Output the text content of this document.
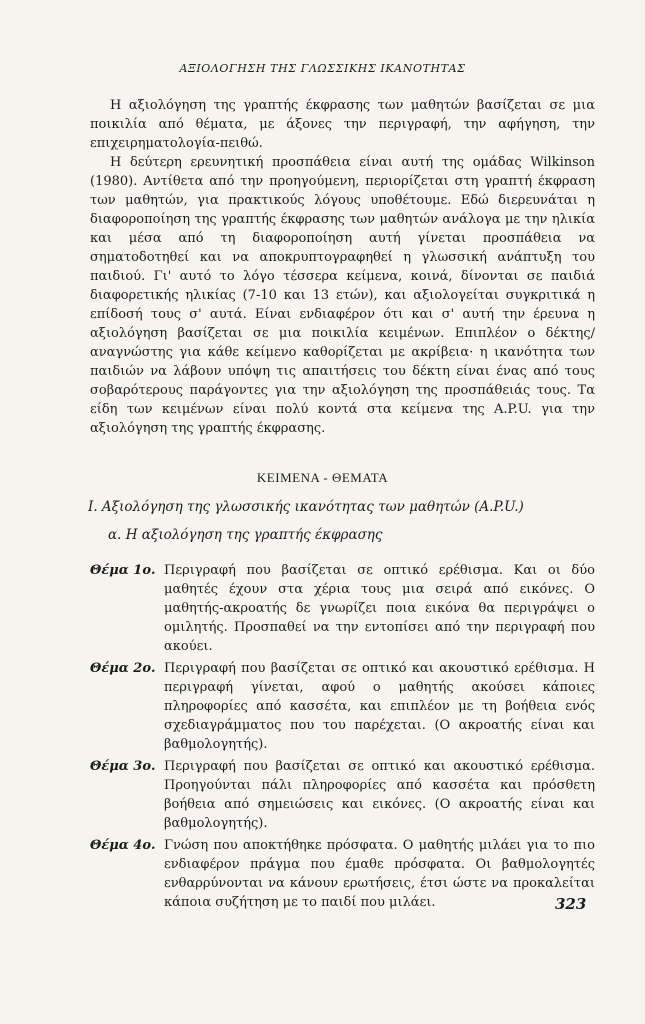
ΑΞΙΟΛΟΓΗΣΗ ΤΗΣ ΓΛΩΣΣΙΚΗΣ ΙΚΑΝΟΤΗΤΑΣ

Η αξιολόγηση της γραπτής έκφρασης των μαθητών βασίζεται σε μια ποικιλία από θέματα, με άξονες την περιγραφή, την αφήγηση, την επιχειρηματολογία-πειθώ.

Η δεύτερη ερευνητική προσπάθεια είναι αυτή της ομάδας Wilkinson (1980). Αντίθετα από την προηγούμενη, περιορίζεται στη γραπτή έκφραση των μαθητών, για πρακτικούς λόγους υποθέτουμε. Εδώ διερευνάται η διαφοροποίηση της γραπτής έκφρασης των μαθητών ανάλογα με την ηλικία και μέσα από τη διαφοροποίηση αυτή γίνεται προσπάθεια να σηματοδοτηθεί και να αποκρυπτογραφηθεί η γλωσσική ανάπτυξη του παιδιού. Γι' αυτό το λόγο τέσσερα κείμενα, κοινά, δίνονται σε παιδιά διαφορετικής ηλικίας (7-10 και 13 ετών), και αξιολογείται συγκριτικά η επίδοσή τους σ' αυτά. Είναι ενδιαφέρον ότι και σ' αυτή την έρευνα η αξιολόγηση βασίζεται σε μια ποικιλία κειμένων. Επιπλέον ο δέκτης/αναγνώστης για κάθε κείμενο καθορίζεται με ακρίβεια· η ικανότητα των παιδιών να λάβουν υπόψη τις απαιτήσεις του δέκτη είναι ένας από τους σοβαρότερους παράγοντες για την αξιολόγηση της προσπάθειάς τους. Τα είδη των κειμένων είναι πολύ κοντά στα κείμενα της A.P.U. για την αξιολόγηση της γραπτής έκφρασης.

ΚΕΙΜΕΝΑ - ΘΕΜΑΤΑ
I. Αξιολόγηση της γλωσσικής ικανότητας των μαθητών (A.P.U.)
α. Η αξιολόγηση της γραπτής έκφρασης
Θέμα 1ο. Περιγραφή που βασίζεται σε οπτικό ερέθισμα. Και οι δύο μαθητές έχουν στα χέρια τους μια σειρά από εικόνες. Ο μαθητής-ακροατής δε γνωρίζει ποια εικόνα θα περιγράψει ο ομιλητής. Προσπαθεί να την εντοπίσει από την περιγραφή που ακούει.
Θέμα 2ο. Περιγραφή που βασίζεται σε οπτικό και ακουστικό ερέθισμα. Η περιγραφή γίνεται, αφού ο μαθητής ακούσει κάποιες πληροφορίες από κασσέτα, και επιπλέον με τη βοήθεια ενός σχεδιαγράμματος που του παρέχεται. (Ο ακροατής είναι και βαθμολογητής).
Θέμα 3ο. Περιγραφή που βασίζεται σε οπτικό και ακουστικό ερέθισμα. Προηγούνται πάλι πληροφορίες από κασσέτα και πρόσθετη βοήθεια από σημειώσεις και εικόνες. (Ο ακροατής είναι και βαθμολογητής).
Θέμα 4ο. Γνώση που αποκτήθηκε πρόσφατα. Ο μαθητής μιλάει για το πιο ενδιαφέρον πράγμα που έμαθε πρόσφατα. Οι βαθμολογητές ενθαρρύνονται να κάνουν ερωτήσεις, έτσι ώστε να προκαλείται κάποια συζήτηση με το παιδί που μιλάει.	323
